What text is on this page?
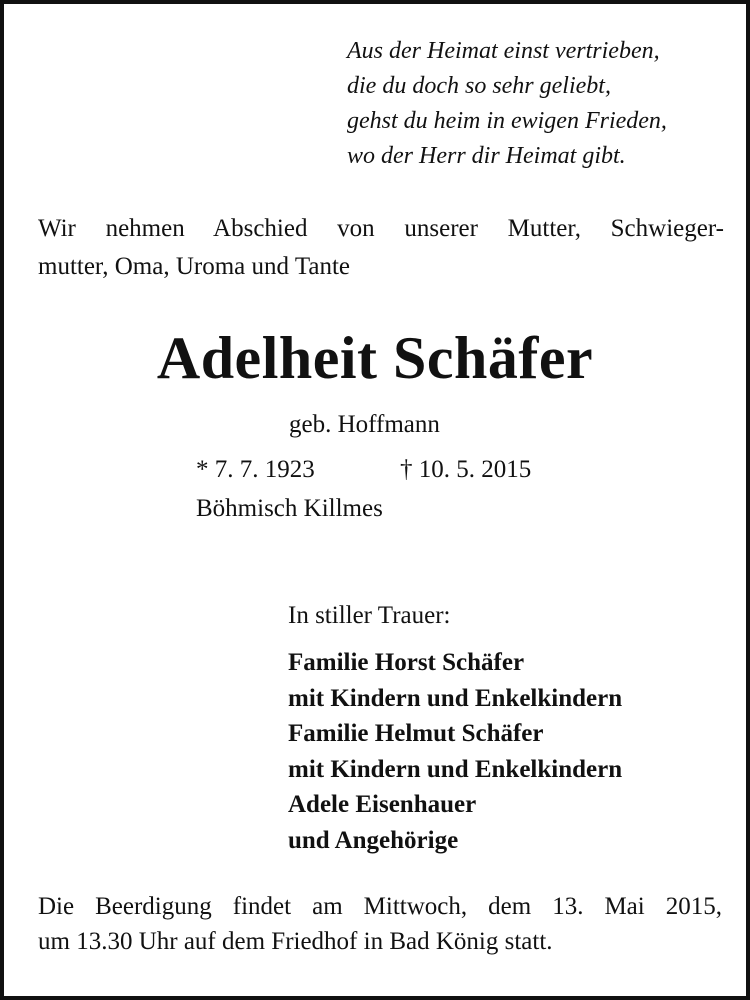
Aus der Heimat einst vertrieben,
die du doch so sehr geliebt,
gehst du heim in ewigen Frieden,
wo der Herr dir Heimat gibt.
Wir nehmen Abschied von unserer Mutter, Schwieger-
mutter, Oma, Uroma und Tante
Adelheit Schäfer
geb. Hoffmann
* 7. 7. 1923	† 10. 5. 2015
Böhmisch Killmes
In stiller Trauer:
Familie Horst Schäfer
mit Kindern und Enkelkindern
Familie Helmut Schäfer
mit Kindern und Enkelkindern
Adele Eisenhauer
und Angehörige
Die Beerdigung findet am Mittwoch, dem 13. Mai 2015,
um 13.30 Uhr auf dem Friedhof in Bad König statt.
